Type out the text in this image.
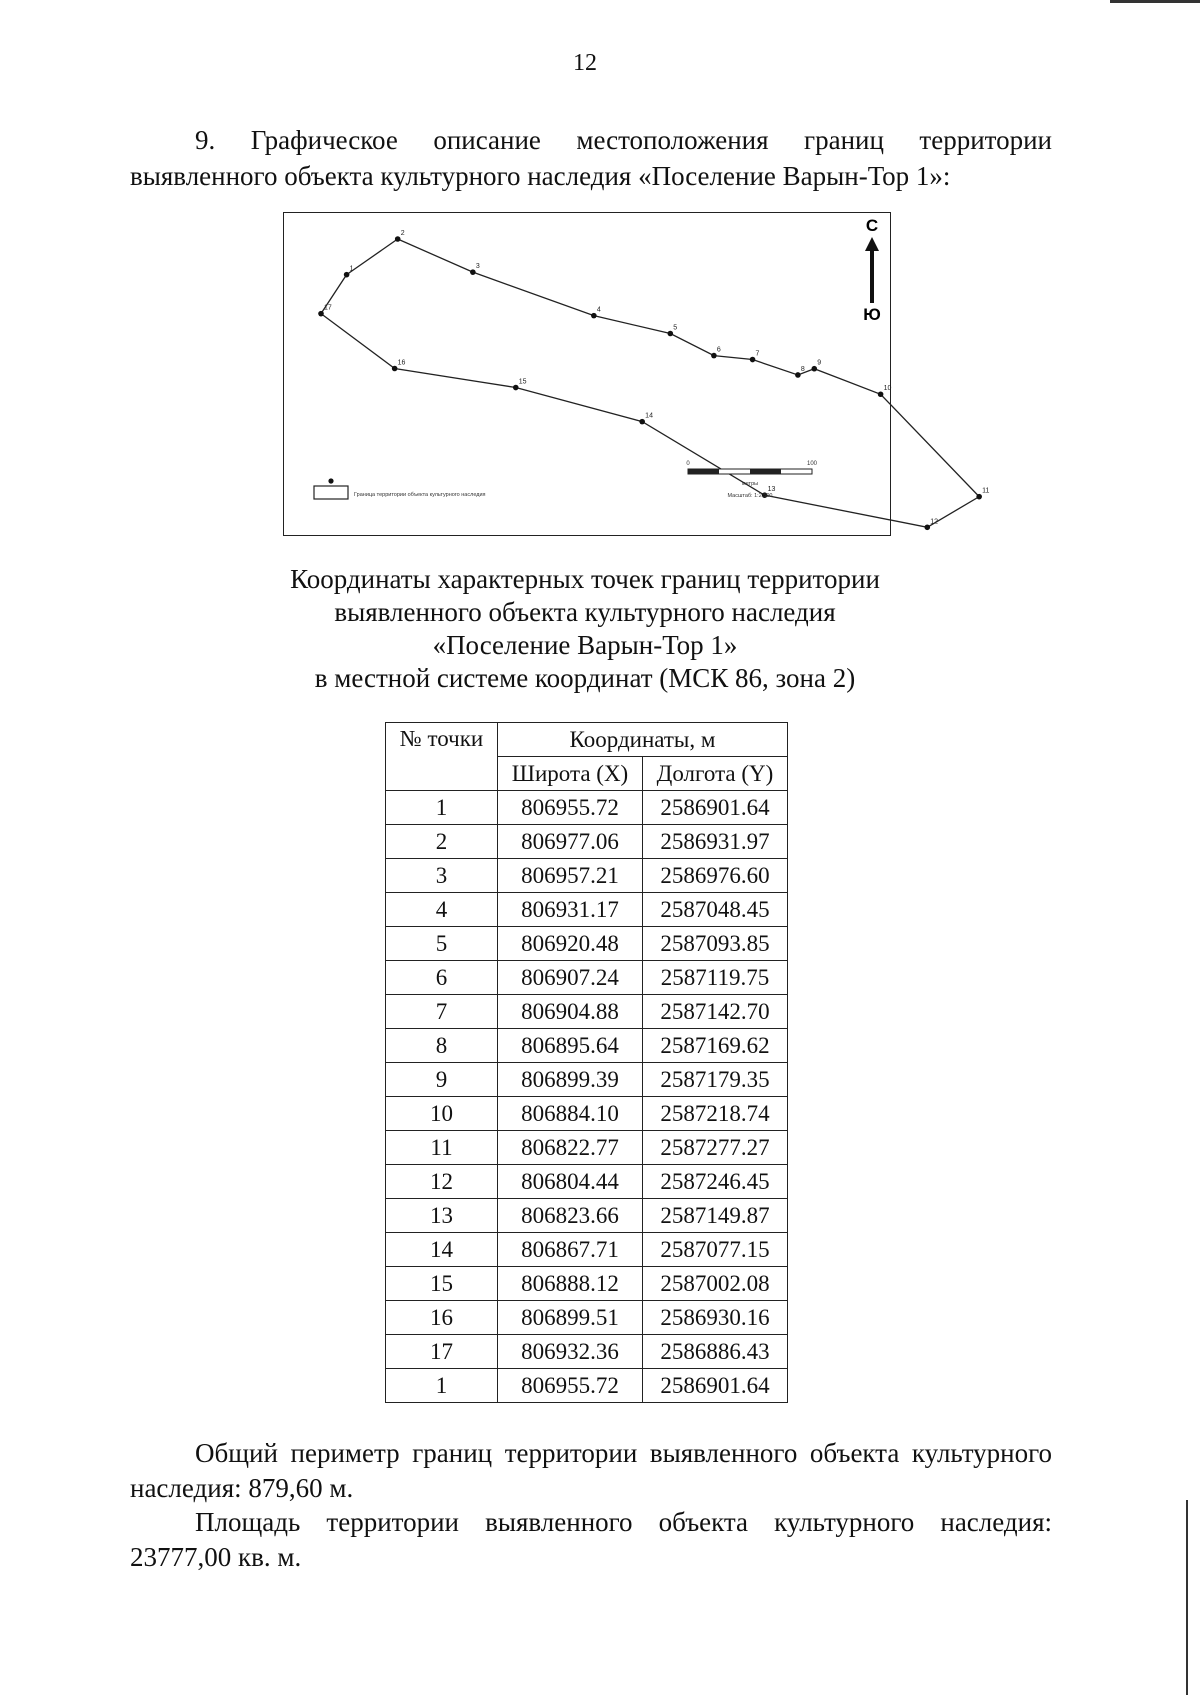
12
9. Графическое описание местоположения границ территории выявленного объекта культурного наследия «Поселение Варын-Тор 1»:
1
2
3
4
5
6
7
8
9
10
11
12
13
14
15
16
17
С
Ю
Граница территории объекта культурного наследия
0	100
метры
Масштаб: 1:2 500
Координаты характерных точек границ территории
выявленного объекта культурного наследия
«Поселение Варын-Тор 1»
в местной системе координат (МСК 86, зона 2)
№ точки	Координаты, м	
	Широта (X)	Долгота (Y)
1	806955.72	2586901.64
2	806977.06	2586931.97
3	806957.21	2586976.60
4	806931.17	2587048.45
5	806920.48	2587093.85
6	806907.24	2587119.75
7	806904.88	2587142.70
8	806895.64	2587169.62
9	806899.39	2587179.35
10	806884.10	2587218.74
11	806822.77	2587277.27
12	806804.44	2587246.45
13	806823.66	2587149.87
14	806867.71	2587077.15
15	806888.12	2587002.08
16	806899.51	2586930.16
17	806932.36	2586886.43
1	806955.72	2586901.64
Общий периметр границ территории выявленного объекта культурного наследия: 879,60 м.
Площадь территории выявленного объекта культурного наследия: 23777,00 кв. м.
